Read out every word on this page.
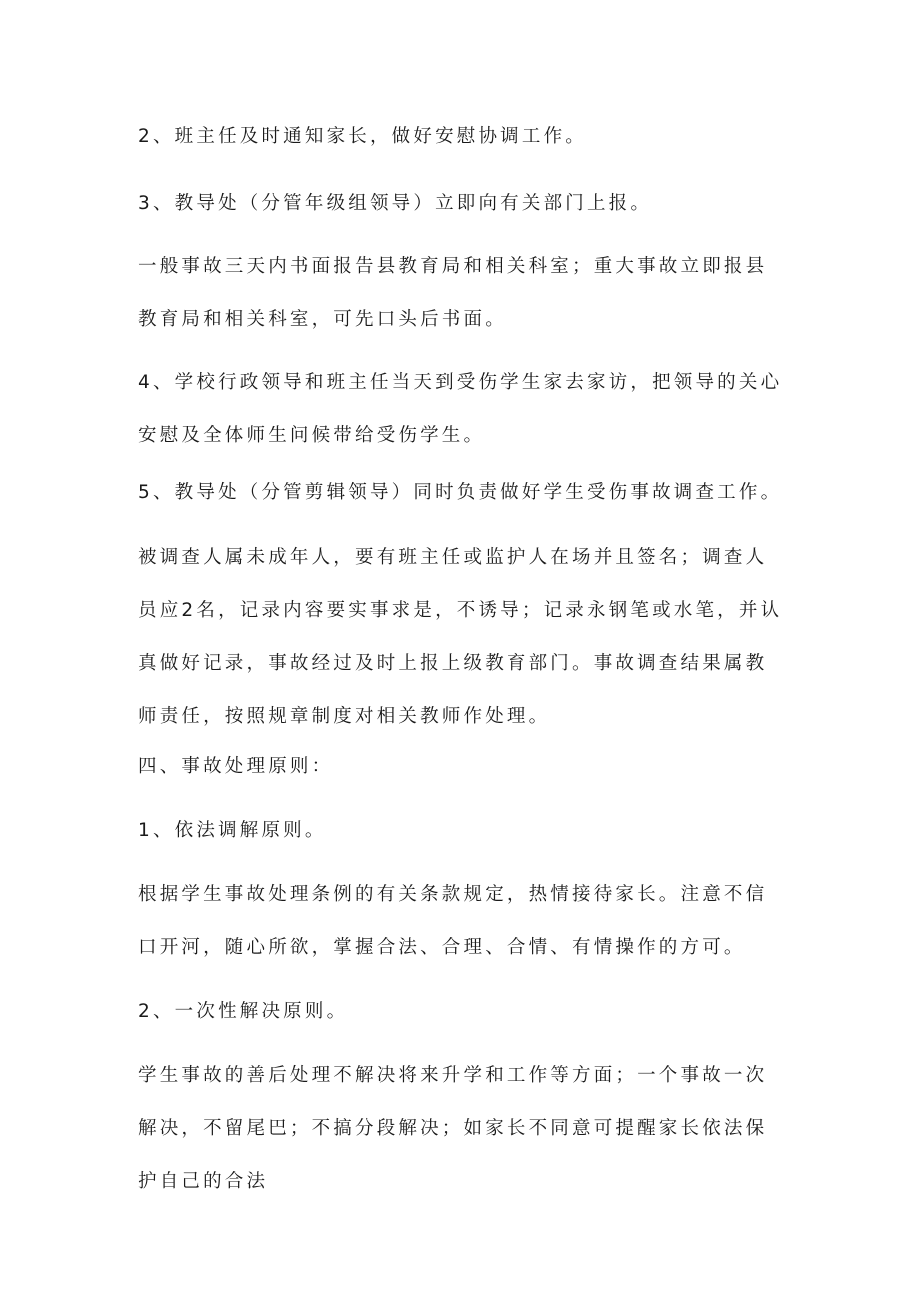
2、班主任及时通知家长，做好安慰协调工作。

3、教导处（分管年级组领导）立即向有关部门上报。

一般事故三天内书面报告县教育局和相关科室；重大事故立即报县教育局和相关科室，可先口头后书面。

4、学校行政领导和班主任当天到受伤学生家去家访，把领导的关心安慰及全体师生问候带给受伤学生。

5、教导处（分管剪辑领导）同时负责做好学生受伤事故调查工作。

被调查人属未成年人，要有班主任或监护人在场并且签名；调查人员应2名，记录内容要实事求是，不诱导；记录永钢笔或水笔，并认真做好记录，事故经过及时上报上级教育部门。事故调查结果属教师责任，按照规章制度对相关教师作处理。

四、事故处理原则：

1、依法调解原则。

根据学生事故处理条例的有关条款规定，热情接待家长。注意不信口开河，随心所欲，掌握合法、合理、合情、有情操作的方可。

2、一次性解决原则。

学生事故的善后处理不解决将来升学和工作等方面；一个事故一次解决，不留尾巴；不搞分段解决；如家长不同意可提醒家长依法保护自己的合法
